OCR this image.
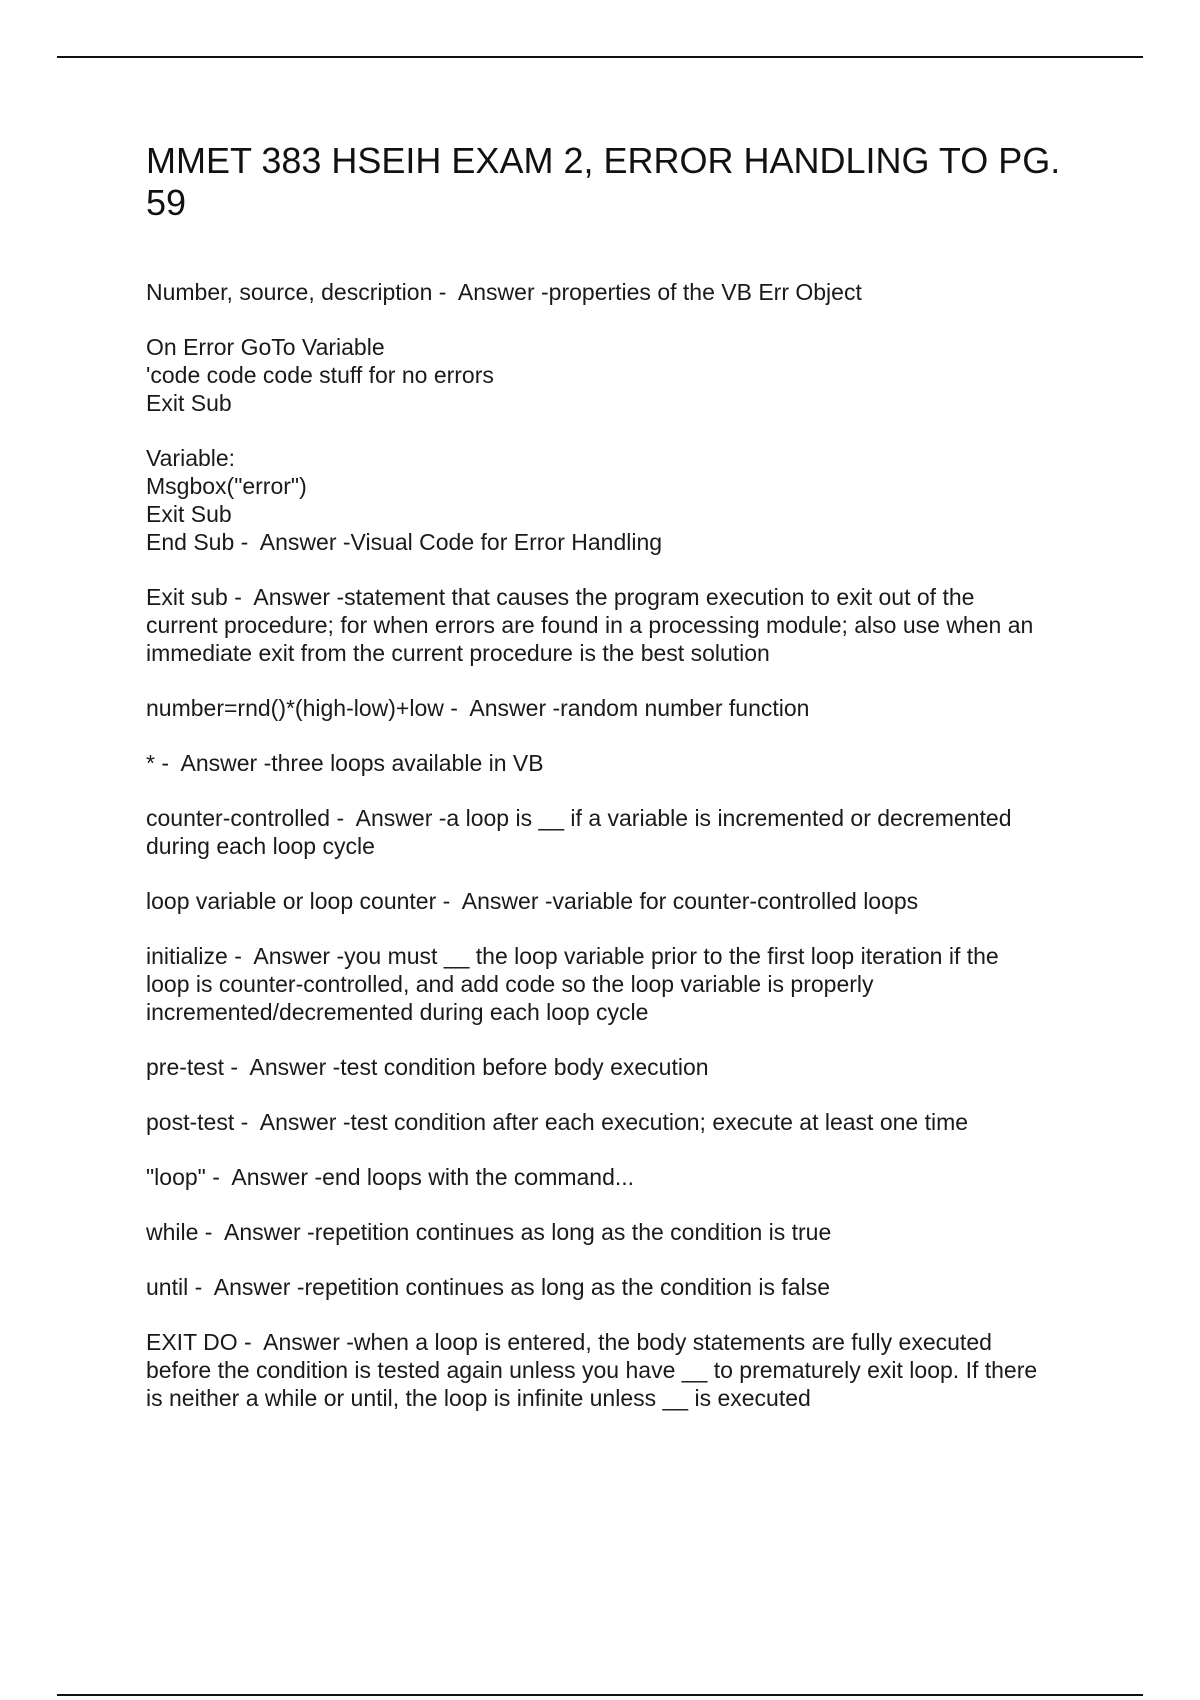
MMET 383 HSEIH EXAM 2, ERROR HANDLING TO PG.
59
Number, source, description -  Answer -properties of the VB Err Object
On Error GoTo Variable
'code code code stuff for no errors
Exit Sub
Variable:
Msgbox("error")
Exit Sub
End Sub -  Answer -Visual Code for Error Handling
Exit sub -  Answer -statement that causes the program execution to exit out of the
current procedure; for when errors are found in a processing module; also use when an
immediate exit from the current procedure is the best solution
number=rnd()*(high-low)+low -  Answer -random number function
* -  Answer -three loops available in VB
counter-controlled -  Answer -a loop is __ if a variable is incremented or decremented
during each loop cycle
loop variable or loop counter -  Answer -variable for counter-controlled loops
initialize -  Answer -you must __ the loop variable prior to the first loop iteration if the
loop is counter-controlled, and add code so the loop variable is properly
incremented/decremented during each loop cycle
pre-test -  Answer -test condition before body execution
post-test -  Answer -test condition after each execution; execute at least one time
"loop" -  Answer -end loops with the command...
while -  Answer -repetition continues as long as the condition is true
until -  Answer -repetition continues as long as the condition is false
EXIT DO -  Answer -when a loop is entered, the body statements are fully executed
before the condition is tested again unless you have __ to prematurely exit loop. If there
is neither a while or until, the loop is infinite unless __ is executed
